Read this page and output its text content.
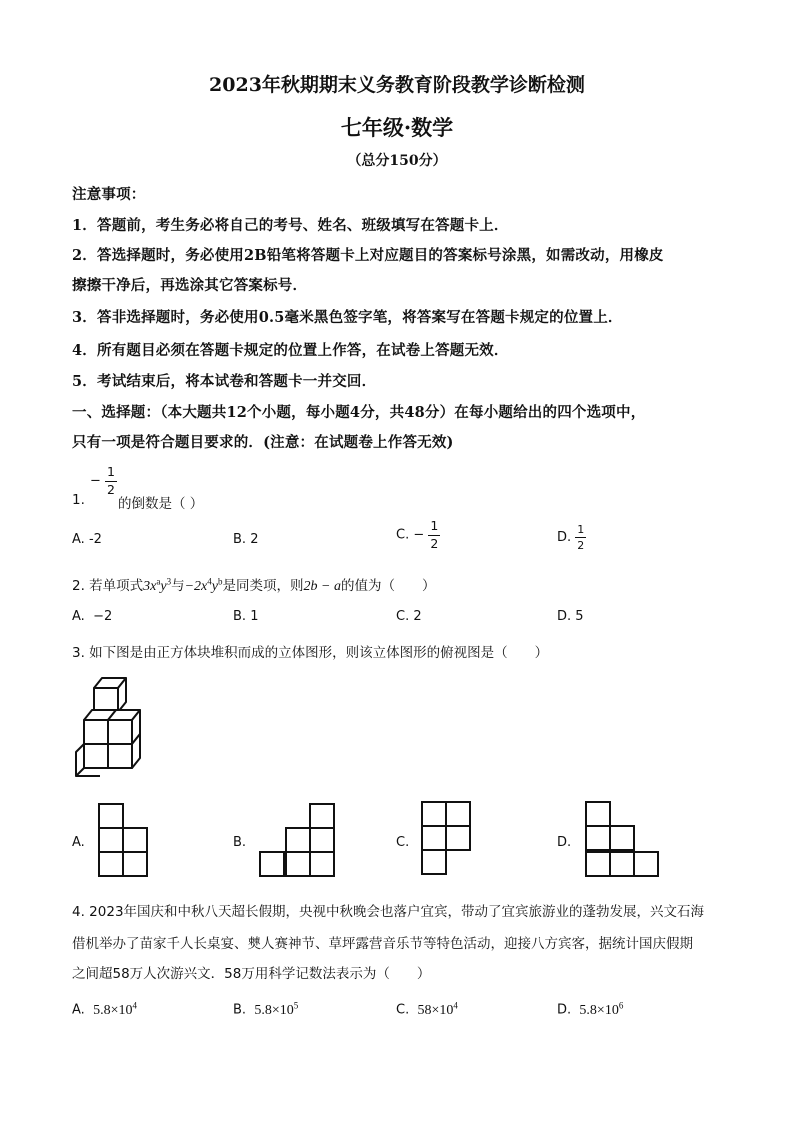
2023年秋期期末义务教育阶段教学诊断检测
七年级·数学
（总分150分）
注意事项：
1．答题前，考生务必将自己的考号、姓名、班级填写在答题卡上．
2．答选择题时，务必使用2B铅笔将答题卡上对应题目的答案标号涂黑，如需改动，用橡皮
擦擦干净后，再选涂其它答案标号．
3．答非选择题时，务必使用0.5毫米黑色签字笔，将答案写在答题卡规定的位置上．
4．所有题目必须在答题卡规定的位置上作答，在试卷上答题无效．
5．考试结束后，将本试卷和答题卡一并交回．
一、选择题：（本大题共12个小题，每小题4分，共48分）在每小题给出的四个选项中，
只有一项是符合题目要求的．(注意：在试题卷上作答无效)
1.
− $\frac{1}{2}$
的倒数是（ ）
A. -2	B. 2	C. − $\frac{1}{2}$	D. $\frac{1}{2}$
2. 若单项式$3x^ay^3$与$-2x^4y^b$是同类项，则2b − a的值为（　　）
A. −2	B. 1	C. 2	D. 5
3. 如下图是由正方体块堆积而成的立体图形，则该立体图形的俯视图是（　　）
A.	B.	C.	D.
4. 2023年国庆和中秋八天超长假期，央视中秋晚会也落户宜宾，带动了宜宾旅游业的蓬勃发展，兴文石海
借机举办了苗家千人长桌宴、僰人赛神节、草坪露营音乐节等特色活动，迎接八方宾客，据统计国庆假期
之间超58万人次游兴文．58万用科学记数法表示为（　　）
A. $5.8\times 10^4$	B. $5.8\times 10^5$	C. $58\times 10^4$	D. $5.8\times 10^6$
